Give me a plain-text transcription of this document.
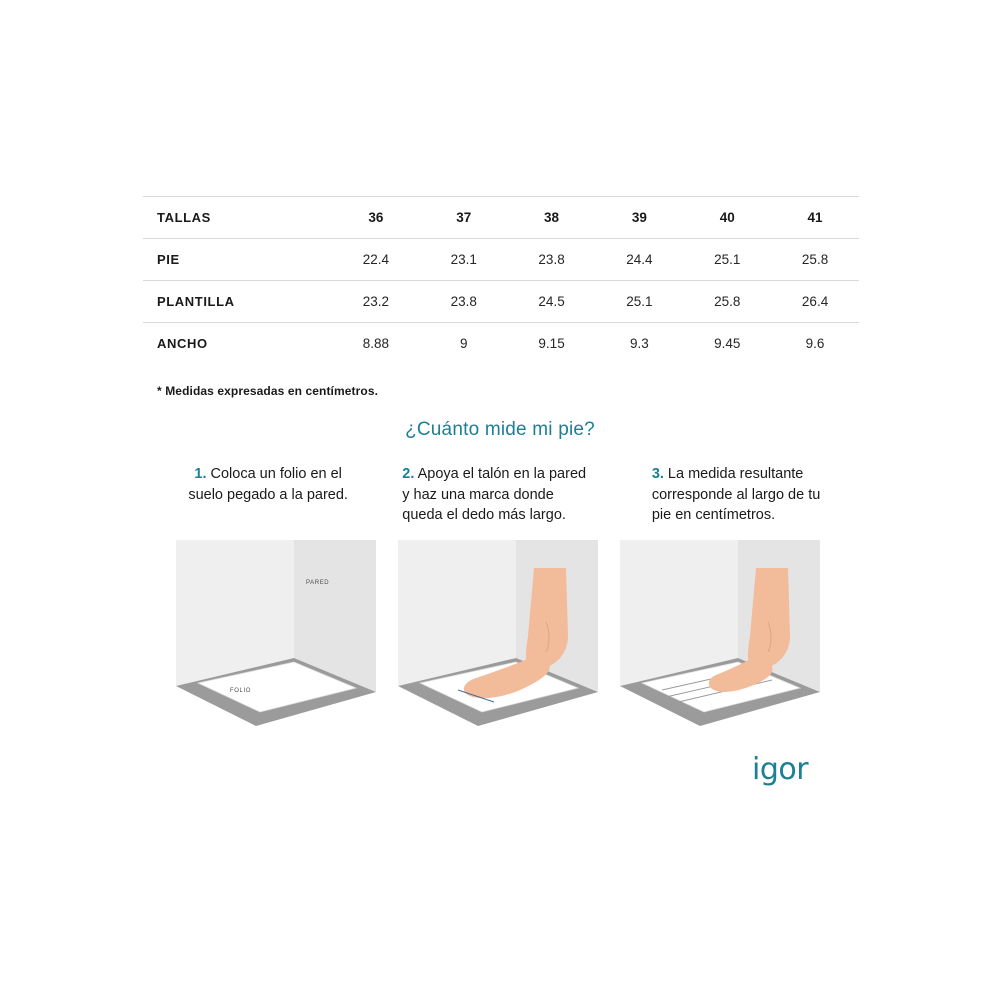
TALLAS	36	37	38	39	40	41
PIE	22.4	23.1	23.8	24.4	25.1	25.8
PLANTILLA	23.2	23.8	24.5	25.1	25.8	26.4
ANCHO	8.88	9	9.15	9.3	9.45	9.6
* Medidas expresadas en centímetros.
¿Cuánto mide mi pie?
1. Coloca un folio en el suelo pegado a la pared.
2. Apoya el talón en la pared y haz una marca donde queda el dedo más largo.
3. La medida resultante corresponde al largo de tu pie en centímetros.
FOLIO
PARED
igor
